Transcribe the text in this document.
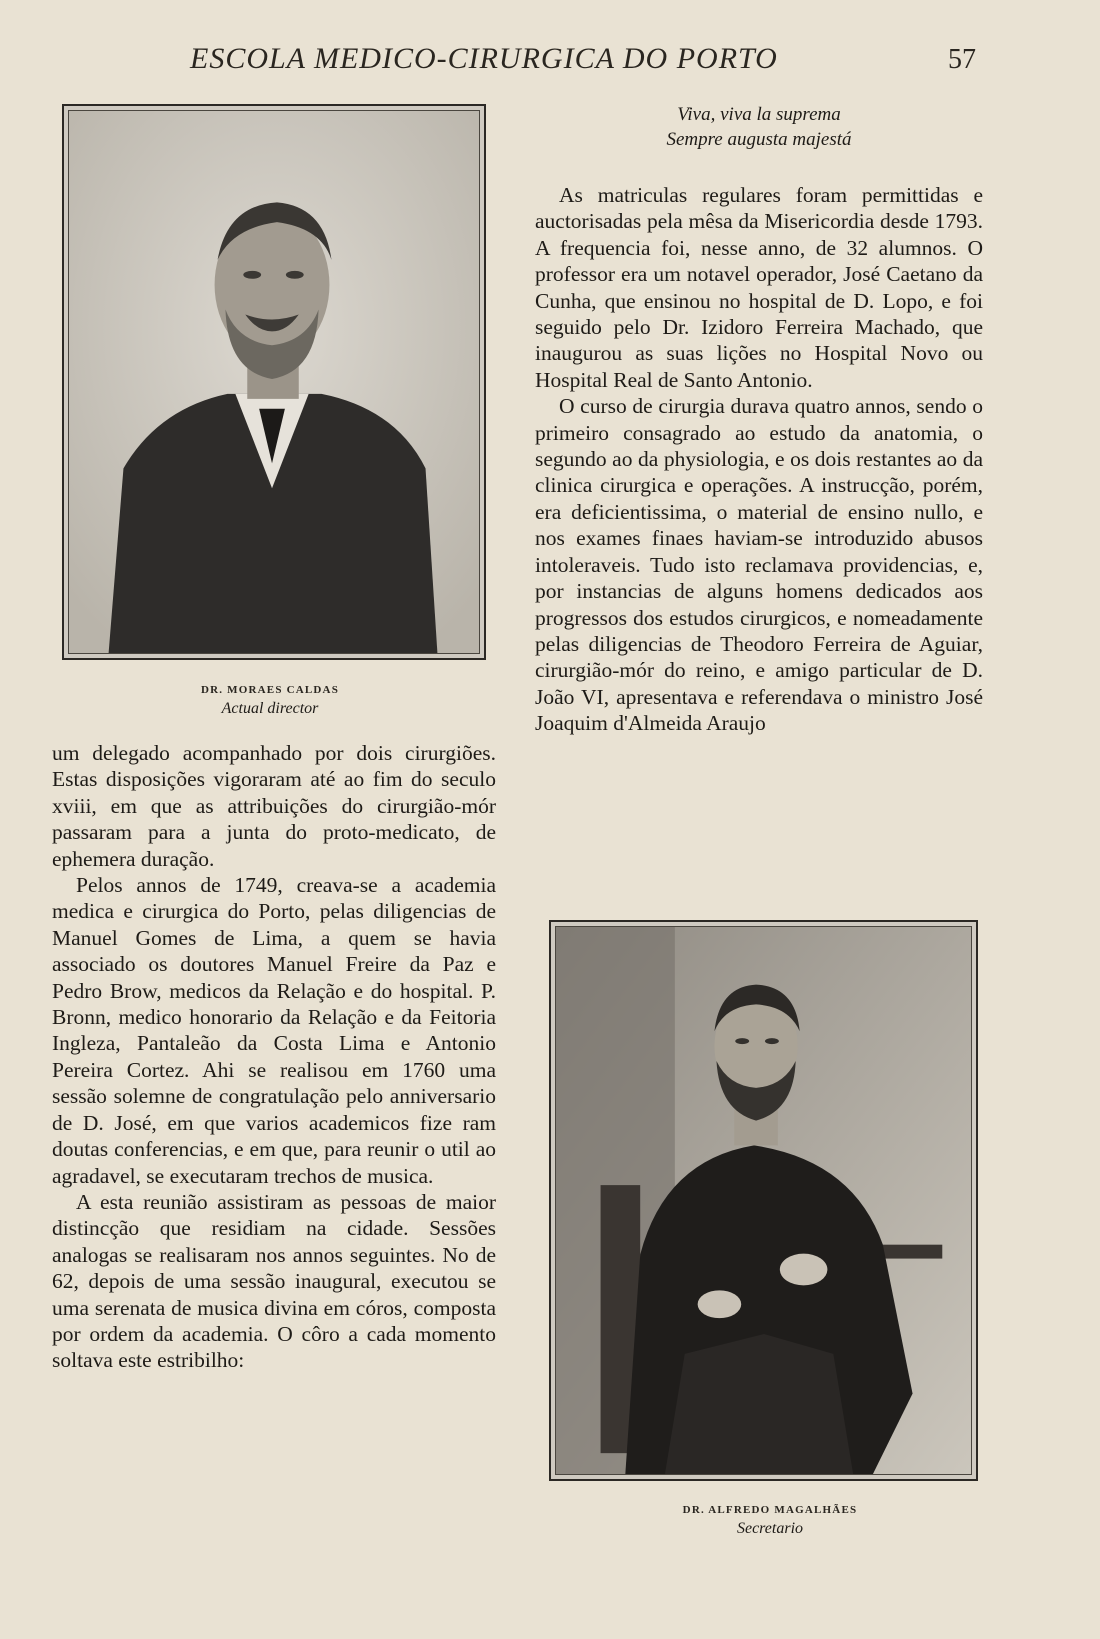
ESCOLA MEDICO-CIRURGICA DO PORTO	57
DR. MORAES CALDAS
Actual director
Viva, viva la suprema
Sempre augusta majestá

As matriculas regulares foram permittidas e auctorisadas pela mêsa da Misericordia desde 1793. A frequencia foi, nesse anno, de 32 alumnos. O professor era um notavel operador, José Caetano da Cunha, que ensinou no hospital de D. Lopo, e foi seguido pelo Dr. Izidoro Ferreira Machado, que inaugurou as suas lições no Hospital Novo ou Hospital Real de Santo Antonio.

O curso de cirurgia durava quatro annos, sendo o primeiro consagrado ao estudo da anatomia, o segundo ao da physiologia, e os dois restantes ao da clinica cirurgica e operações. A instrucção, porém, era deficientissima, o material de ensino nullo, e nos exames finaes haviam-se introduzido abusos intoleraveis. Tudo isto reclamava providencias, e, por instancias de alguns homens dedicados aos progressos dos estudos cirurgicos, e nomeadamente pelas diligencias de Theodoro Ferreira de Aguiar, cirurgião-mór do reino, e amigo particular de D. João VI, apresentava e referendava o ministro José Joaquim d'Almeida Araujo

um delegado acompanhado por dois cirurgiões. Estas disposições vigoraram até ao fim do seculo xviii, em que as attribuições do cirurgião-mór passaram para a junta do proto-medicato, de ephemera duração.

Pelos annos de 1749, creava-se a academia medica e cirurgica do Porto, pelas diligencias de Manuel Gomes de Lima, a quem se havia associado os doutores Manuel Freire da Paz e Pedro Brow, medicos da Relação e do hospital. P. Bronn, medico honorario da Relação e da Feitoria Ingleza, Pantaleão da Costa Lima e Antonio Pereira Cortez. Ahi se realisou em 1760 uma sessão solemne de congratulação pelo anniversario de D. José, em que varios academicos fize ram doutas conferencias, e em que, para reunir o util ao agradavel, se executaram trechos de musica.

A esta reunião assistiram as pessoas de maior distincção que residiam na cidade. Sessões analogas se realisaram nos annos seguintes. No de 62, depois de uma sessão inaugural, executou se uma serenata de musica divina em córos, composta por ordem da academia. O côro a cada momento soltava este estribilho:

DR. ALFREDO MAGALHÃES
Secretario
